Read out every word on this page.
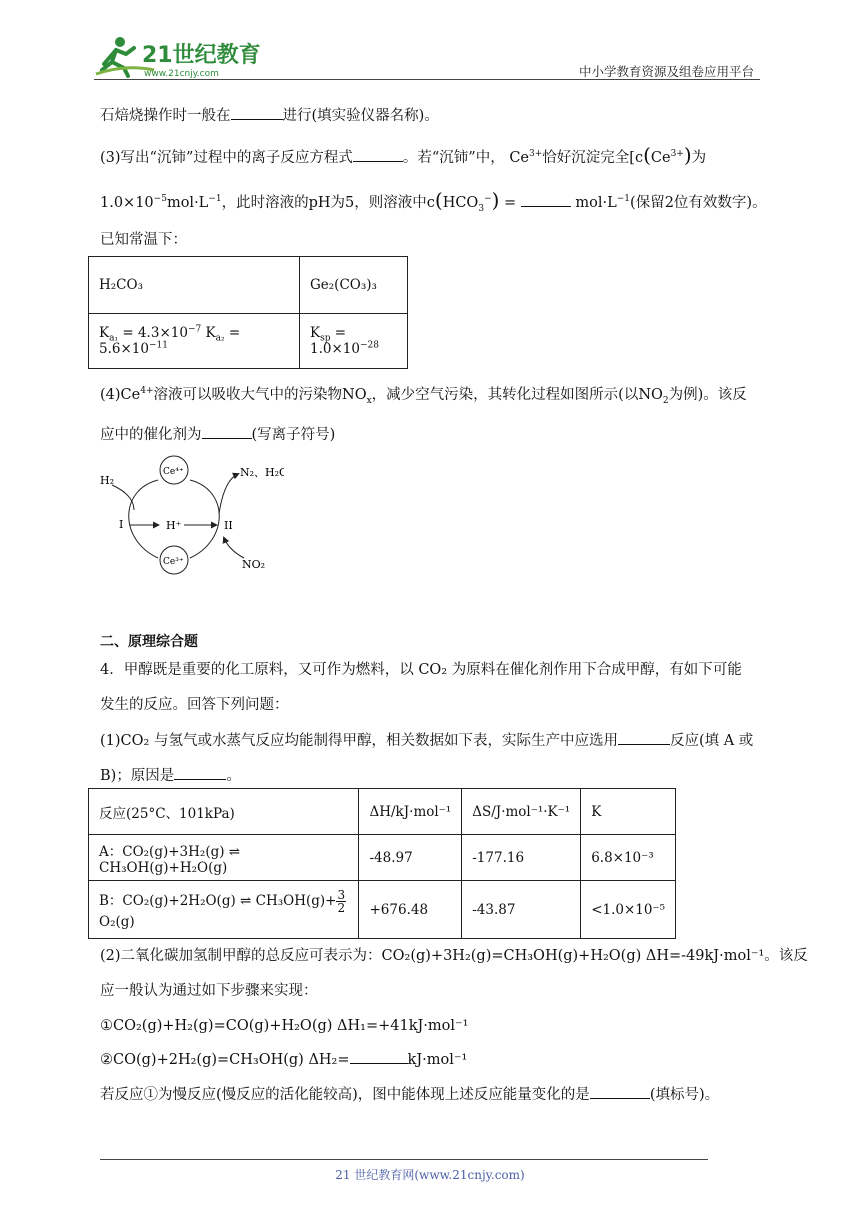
21世纪教育
www.21cnjy.com	中小学教育资源及组卷应用平台
石焙烧操作时一般在	进行(填实验仪器名称)。
(3)写出“沉铈”过程中的离子反应方程式	。若“沉铈”中， $Ce^{3+}$恰好沉淀完全[$c(Ce^{3+})$为
$1.0\times 10^{-5}mol\cdot L^{-1}$，此时溶液的pH为5，则溶液中$c(HCO_3^-)$ =	$mol\cdot L^{-1}$(保留2位有效数字)。
已知常温下：
H₂CO₃	Ge₂(CO₃)₃
$K_{a_1} = 4.3\times 10^{-7}$ $K_{a_2} = 5.6\times 10^{-11}$	$K_{sp} = 1.0\times 10^{-28}$
$(4)Ce^{4+}$溶液可以吸收大气中的污染物$NO_x$，减少空气污染，其转化过程如图所示(以$NO_2$为例)。该反
应中的催化剂为	(写离子符号)
H₂
Ce⁴⁺
Ce³⁺
H⁺
I	II
N₂、H₂O
NO₂
二、原理综合题
4．甲醇既是重要的化工原料，又可作为燃料，以 CO₂ 为原料在催化剂作用下合成甲醇，有如下可能
发生的反应。回答下列问题：
(1)CO₂ 与氢气或水蒸气反应均能制得甲醇，相关数据如下表，实际生产中应选用	反应(填 A 或
B)；原因是	。
反应(25°C、101kPa)	ΔH/kJ·mol⁻¹	ΔS/J·mol⁻¹·K⁻¹	K
A：CO₂(g)+3H₂(g) ⇌ CH₃OH(g)+H₂O(g)	-48.97	-177.16	6.8×10⁻³
B：CO₂(g)+2H₂O(g) ⇌ $CH_3OH(g)+ \frac{3}{2}$
O₂(g)	+676.48	-43.87	<1.0×10⁻⁵
(2)二氧化碳加氢制甲醇的总反应可表示为：CO₂(g)+3H₂(g)=CH₃OH(g)+H₂O(g) ΔH=-49kJ·mol⁻¹。该反
应一般认为通过如下步骤来实现：
①CO₂(g)+H₂(g)=CO(g)+H₂O(g) ΔH₁=+41kJ·mol⁻¹
②CO(g)+2H₂(g)=CH₃OH(g) ΔH₂=	kJ·mol⁻¹
若反应①为慢反应(慢反应的活化能较高)，图中能体现上述反应能量变化的是	(填标号)。
21 世纪教育网(www.21cnjy.com)
